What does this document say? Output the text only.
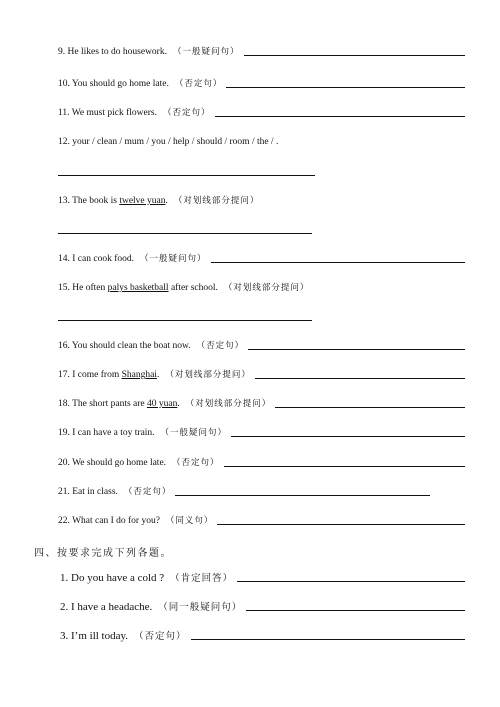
9. He likes to do housework. （一般疑问句）
10. You should go home late. （否定句）
11. We must pick flowers. （否定句）
12. your / clean / mum / you / help / should / room / the / .
13. The book is twelve yuan. （对划线部分提问）
14. I can cook food. （一般疑问句）
15. He often palys basketball after school. （对划线部分提问）
16. You should clean the boat now. （否定句）
17. I come from Shanghai. （对划线部分提问）
18. The short pants are 40 yuan. （对划线部分提问）
19. I can have a toy train. （一般疑问句）
20. We should go home late. （否定句）
21. Eat in class. （否定句）
22. What can I do for you? （同义句）
四、按要求完成下列各题。
1. Do you have a cold ? （肯定回答）
2. I have a headache. （同一般疑问句）
3. I’m ill today. （否定句）
